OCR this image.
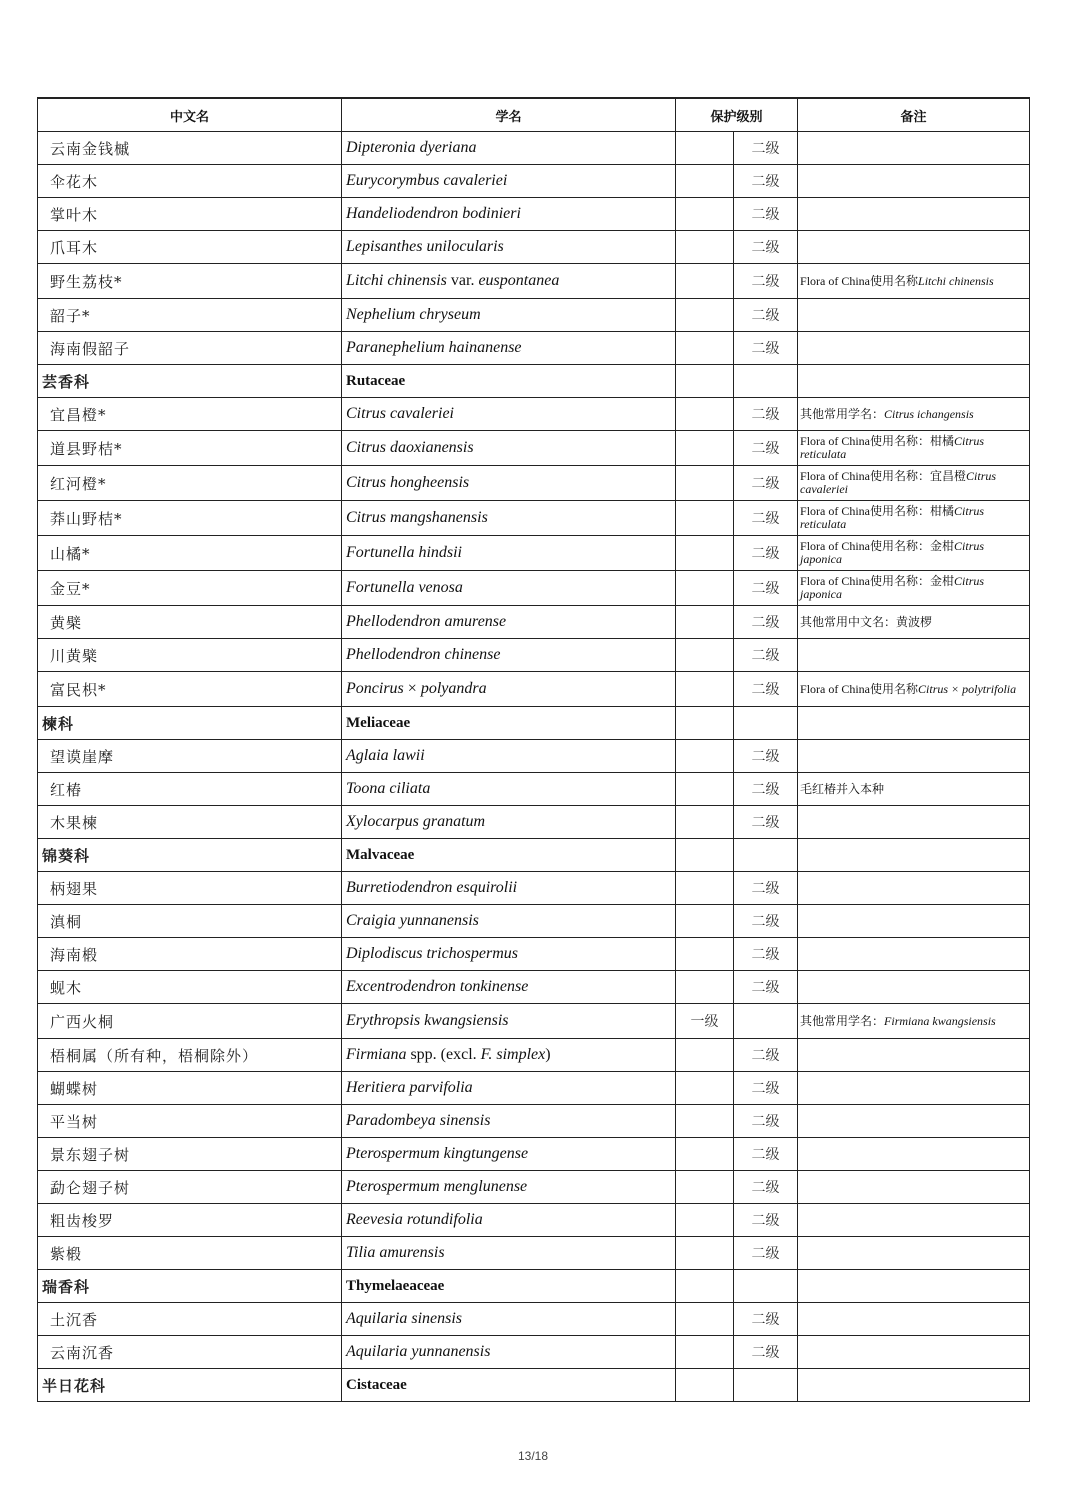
中文名	学名	保护级别		备注
云南金钱槭	Dipteronia dyeriana		二级	
伞花木	Eurycorymbus cavaleriei		二级	
掌叶木	Handeliodendron bodinieri		二级	
爪耳木	Lepisanthes unilocularis		二级	
野生荔枝*	Litchi chinensis var. euspontanea		二级	Flora of China使用名称Litchi chinensis
韶子*	Nephelium chryseum		二级	
海南假韶子	Paranephelium hainanense		二级	
芸香科	Rutaceae			
宜昌橙*	Citrus cavaleriei		二级	其他常用学名：Citrus ichangensis
道县野桔*	Citrus daoxianensis		二级	Flora of China使用名称：柑橘Citrus reticulata
红河橙*	Citrus hongheensis		二级	Flora of China使用名称：宜昌橙Citrus cavaleriei
莽山野桔*	Citrus mangshanensis		二级	Flora of China使用名称：柑橘Citrus reticulata
山橘*	Fortunella hindsii		二级	Flora of China使用名称：金柑Citrus japonica
金豆*	Fortunella venosa		二级	Flora of China使用名称：金柑Citrus japonica
黄檗	Phellodendron amurense		二级	其他常用中文名：黄波椤
川黄檗	Phellodendron chinense		二级	
富民枳*	Poncirus × polyandra		二级	Flora of China使用名称Citrus × polytrifolia
楝科	Meliaceae			
望谟崖摩	Aglaia lawii		二级	
红椿	Toona ciliata		二级	毛红椿并入本种
木果楝	Xylocarpus granatum		二级	
锦葵科	Malvaceae			
柄翅果	Burretiodendron esquirolii		二级	
滇桐	Craigia yunnanensis		二级	
海南椴	Diplodiscus trichospermus		二级	
蚬木	Excentrodendron tonkinense		二级	
广西火桐	Erythropsis kwangsiensis	一级		其他常用学名：Firmiana kwangsiensis
梧桐属（所有种，梧桐除外）	Firmiana spp. (excl. F. simplex)		二级	
蝴蝶树	Heritiera parvifolia		二级	
平当树	Paradombeya sinensis		二级	
景东翅子树	Pterospermum kingtungense		二级	
勐仑翅子树	Pterospermum menglunense		二级	
粗齿梭罗	Reevesia rotundifolia		二级	
紫椴	Tilia amurensis		二级	
瑞香科	Thymelaeaceae			
土沉香	Aquilaria sinensis		二级	
云南沉香	Aquilaria yunnanensis		二级	
半日花科	Cistaceae			
13/18
